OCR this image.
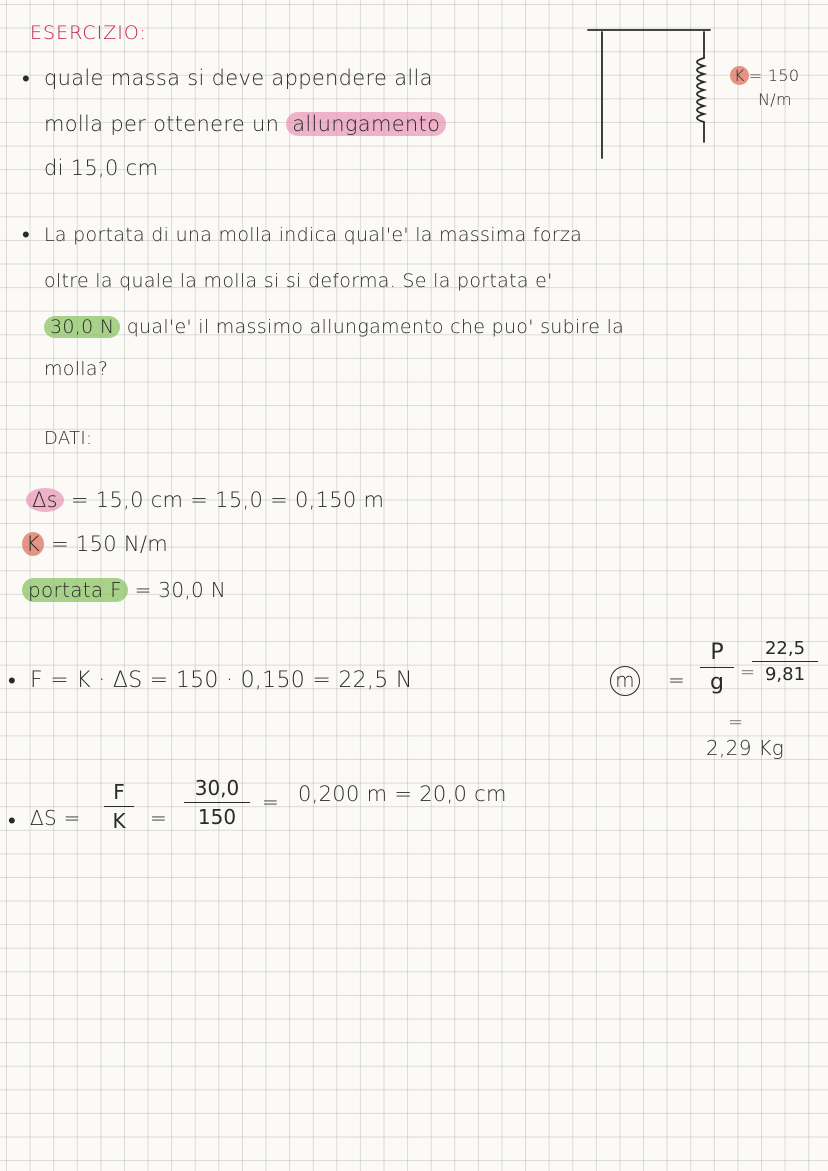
ESERCIZIO:
• quale massa si deve appendere alla
molla per ottenere un allungamento
di 15,0 cm
K = 150
N/m
• La portata di una molla indica qual'e' la massima forza
oltre la quale la molla si si deforma. Se la portata e'
30,0 N qual'e' il massimo allungamento che puo' subire la
molla?
DATI:
Δs = 15,0 cm = 15,0 = 0,150 m
K = 150 N/m
portata F = 30,0 N
• F = K · ΔS = 150 · 0,150 = 22,5 N	m =
P
g =
22,5
9,81
=
2,29 Kg
• ΔS =
F
K	=
30,0
150
= 0,200 m = 20,0 cm
